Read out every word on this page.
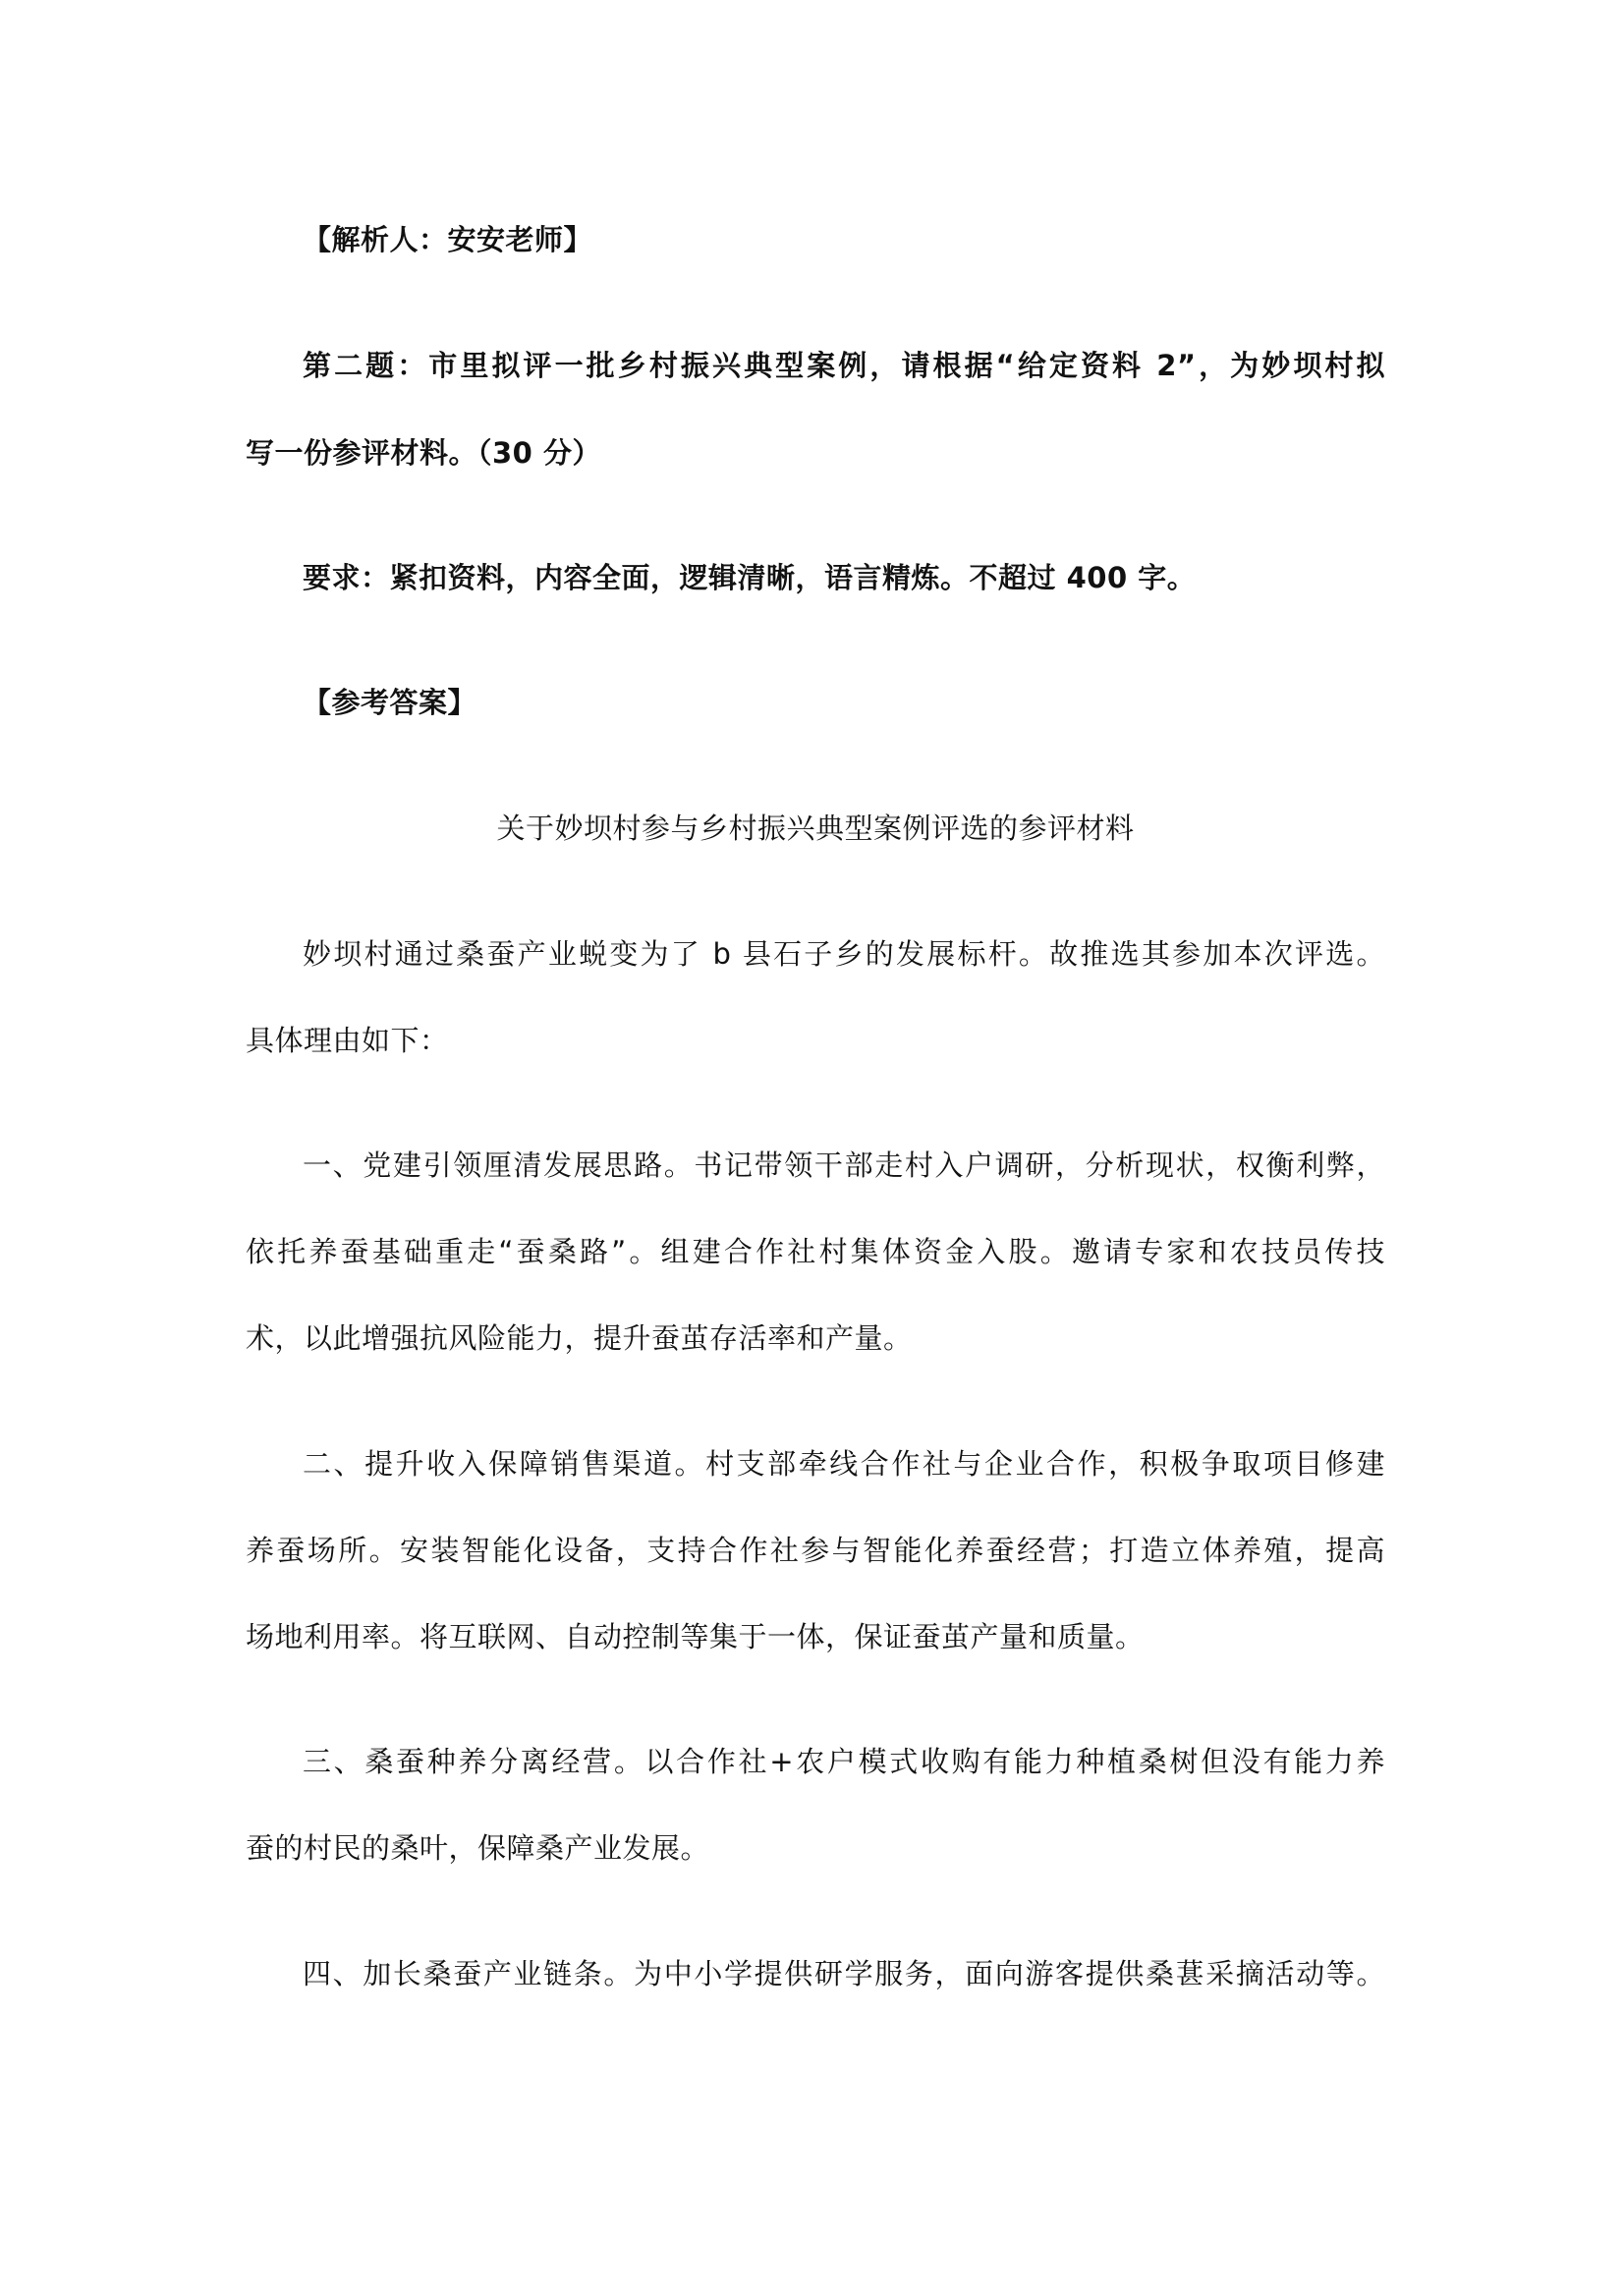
【解析人：安安老师】
第二题：市里拟评一批乡村振兴典型案例，请根据“给定资料 2”，为妙坝村拟
写一份参评材料。（30 分）
要求：紧扣资料，内容全面，逻辑清晰，语言精炼。不超过 400 字。
【参考答案】
关于妙坝村参与乡村振兴典型案例评选的参评材料
妙坝村通过桑蚕产业蜕变为了 b 县石子乡的发展标杆。故推选其参加本次评选。
具体理由如下：
一、党建引领厘清发展思路。书记带领干部走村入户调研，分析现状，权衡利弊，
依托养蚕基础重走“蚕桑路”。组建合作社村集体资金入股。邀请专家和农技员传技
术，以此增强抗风险能力，提升蚕茧存活率和产量。
二、提升收入保障销售渠道。村支部牵线合作社与企业合作，积极争取项目修建
养蚕场所。安装智能化设备，支持合作社参与智能化养蚕经营；打造立体养殖，提高
场地利用率。将互联网、自动控制等集于一体，保证蚕茧产量和质量。
三、桑蚕种养分离经营。以合作社+农户模式收购有能力种植桑树但没有能力养
蚕的村民的桑叶，保障桑产业发展。
四、加长桑蚕产业链条。为中小学提供研学服务，面向游客提供桑葚采摘活动等。
